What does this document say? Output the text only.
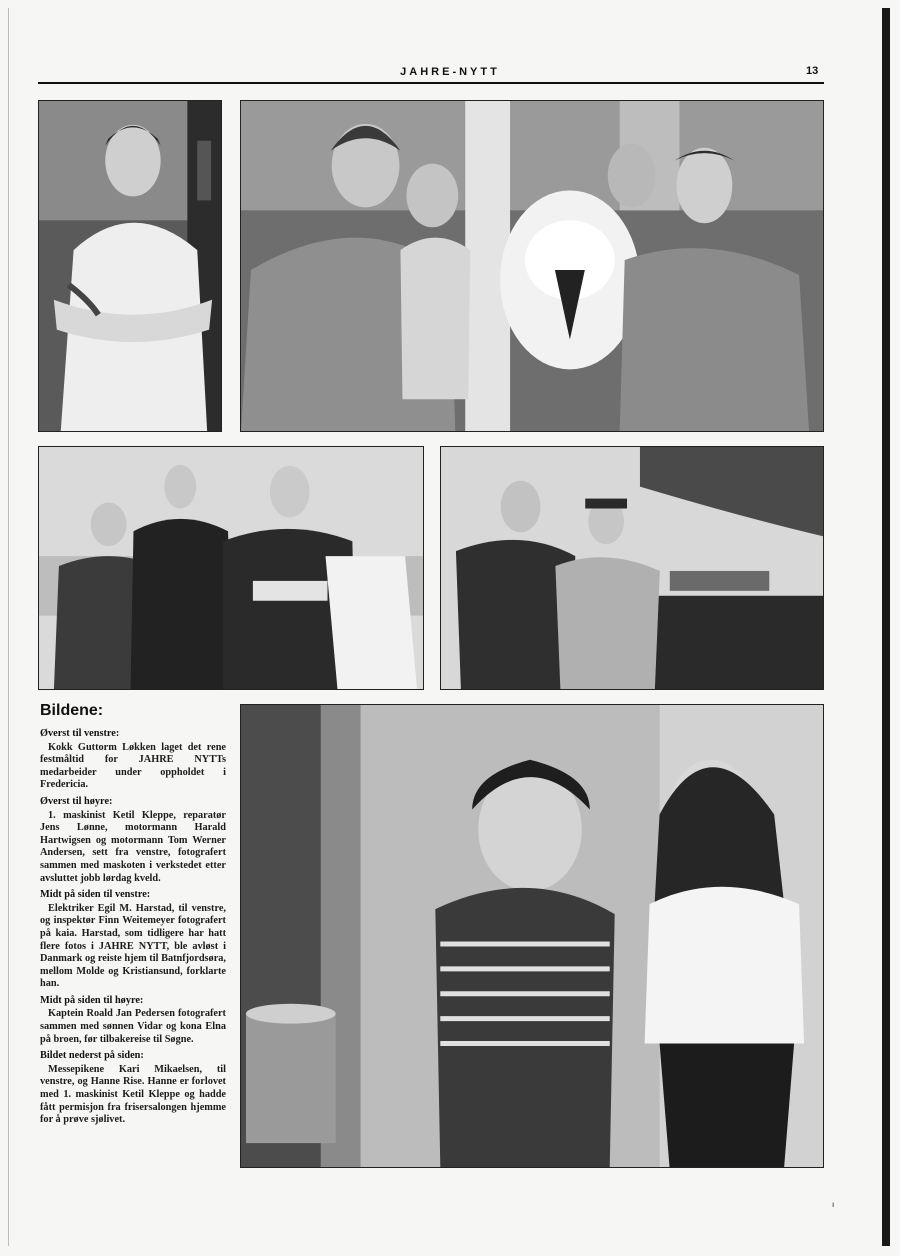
JAHRE-NYTT	13
Bildene:
Øverst til venstre:
Kokk Guttorm Løkken laget det rene festmåltid for JAHRE NYTTs medarbeider under oppholdet i Fredericia.
Øverst til høyre:
1. maskinist Ketil Kleppe, reparatør Jens Lønne, motormann Harald Hartwigsen og motormann Tom Werner Andersen, sett fra venstre, fotografert sammen med maskoten i verkstedet etter avsluttet jobb lørdag kveld.
Midt på siden til venstre:
Elektriker Egil M. Harstad, til venstre, og inspektør Finn Weitemeyer fotografert på kaia. Harstad, som tidligere har hatt flere fotos i JAHRE NYTT, ble avløst i Danmark og reiste hjem til Batnfjordsøra, mellom Molde og Kristiansund, forklarte han.
Midt på siden til høyre:
Kaptein Roald Jan Pedersen fotografert sammen med sønnen Vidar og kona Elna på broen, før tilbakereise til Søgne.
Bildet nederst på siden:
Messepikene Kari Mikaelsen, til venstre, og Hanne Rise. Hanne er forlovet med 1. maskinist Ketil Kleppe og hadde fått permisjon fra frisersalongen hjemme for å prøve sjølivet.
ı
